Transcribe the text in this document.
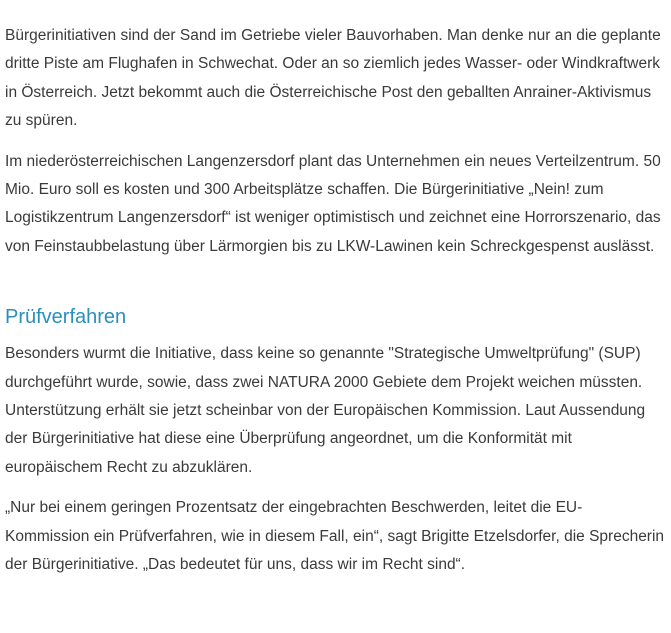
Bürgerinitiativen sind der Sand im Getriebe vieler Bauvorhaben. Man denke nur an die geplante dritte Piste am Flughafen in Schwechat. Oder an so ziemlich jedes Wasser- oder Windkraftwerk in Österreich. Jetzt bekommt auch die Österreichische Post den geballten Anrainer-Aktivismus zu spüren.

Im niederösterreichischen Langenzersdorf plant das Unternehmen ein neues Verteilzentrum. 50 Mio. Euro soll es kosten und 300 Arbeitsplätze schaffen. Die Bürgerinitiative „Nein! zum Logistikzentrum Langenzersdorf“ ist weniger optimistisch und zeichnet eine Horrorszenario, das von Feinstaubbelastung über Lärmorgien bis zu LKW-Lawinen kein Schreckgespenst auslässt.

Prüfverfahren

Besonders wurmt die Initiative, dass keine so genannte "Strategische Umweltprüfung" (SUP) durchgeführt wurde, sowie, dass zwei NATURA 2000 Gebiete dem Projekt weichen müssten. Unterstützung erhält sie jetzt scheinbar von der Europäischen Kommission. Laut Aussendung der Bürgerinitiative hat diese eine Überprüfung angeordnet, um die Konformität mit europäischem Recht zu abzuklären.

„Nur bei einem geringen Prozentsatz der eingebrachten Beschwerden, leitet die EU-Kommission ein Prüfverfahren, wie in diesem Fall, ein“, sagt Brigitte Etzelsdorfer, die Sprecherin der Bürgerinitiative. „Das bedeutet für uns, dass wir im Recht sind“.
